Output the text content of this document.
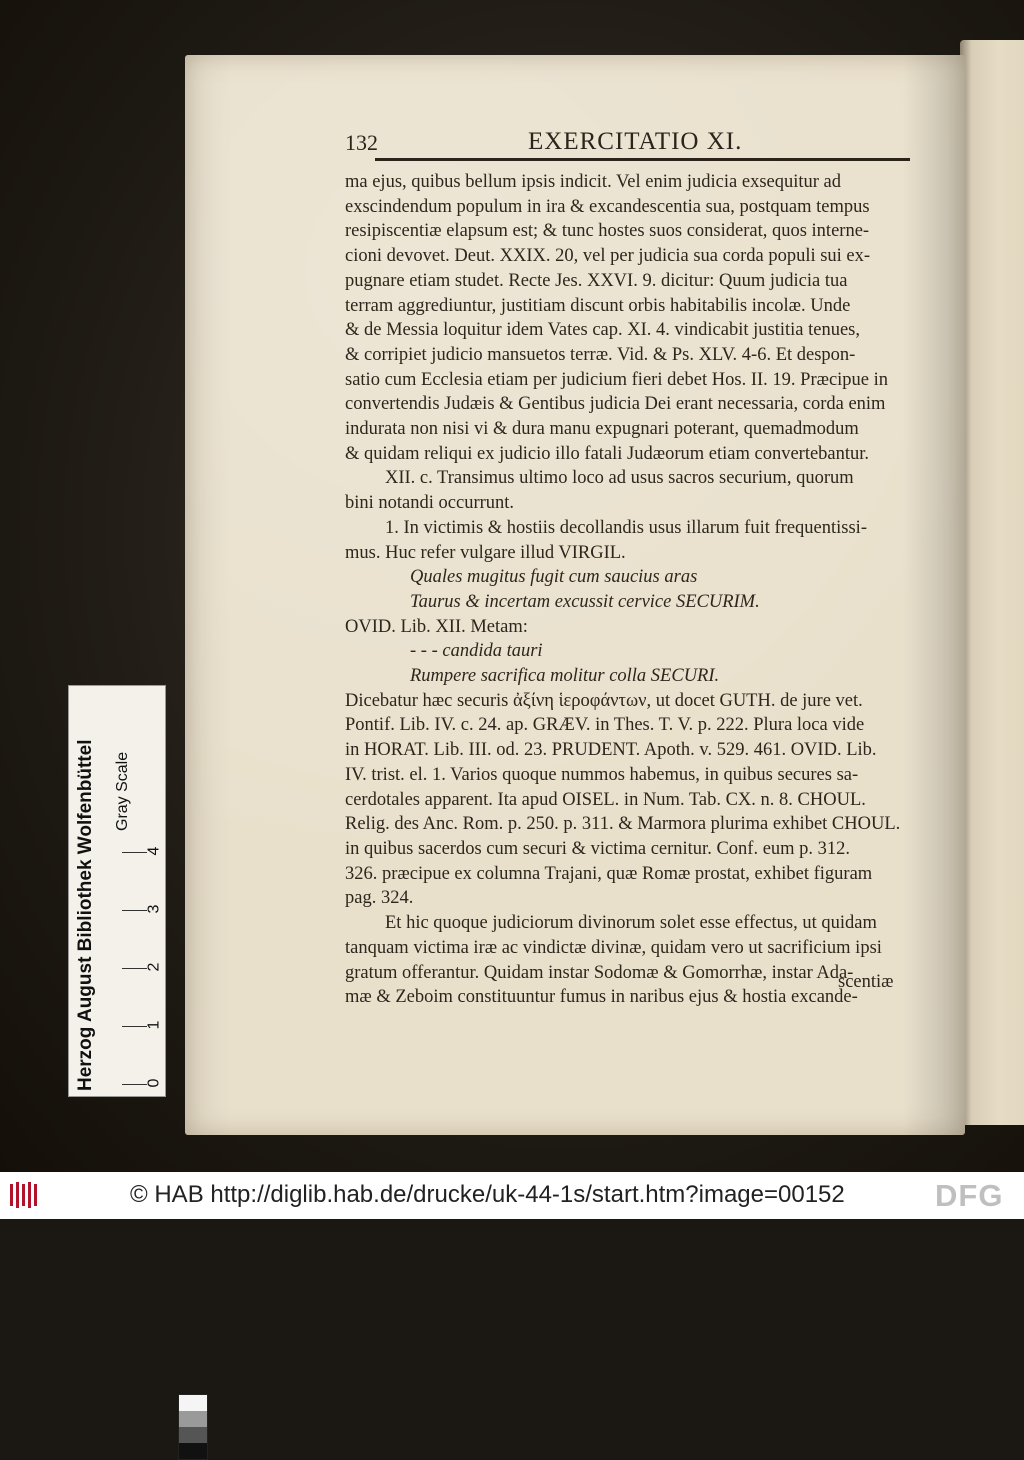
132	EXERCITATIO XI.
ma ejus, quibus bellum ipsis indicit. Vel enim judicia exsequitur ad
exscindendum populum in ira & excandescentia sua, postquam tempus
resipiscentiæ elapsum est; & tunc hostes suos considerat, quos interne-
cioni devovet. Deut. XXIX. 20, vel per judicia sua corda populi sui ex-
pugnare etiam studet. Recte Jes. XXVI. 9. dicitur: Quum judicia tua
terram aggrediuntur, justitiam discunt orbis habitabilis incolæ. Unde
& de Messia loquitur idem Vates cap. XI. 4. vindicabit justitia tenues,
& corripiet judicio mansuetos terræ. Vid. & Ps. XLV. 4-6. Et despon-
satio cum Ecclesia etiam per judicium fieri debet Hos. II. 19. Præcipue in
convertendis Judæis & Gentibus judicia Dei erant necessaria, corda enim
indurata non nisi vi & dura manu expugnari poterant, quemadmodum
& quidam reliqui ex judicio illo fatali Judæorum etiam convertebantur.
XII. c. Transimus ultimo loco ad usus sacros securium, quorum
bini notandi occurrunt.
1. In victimis & hostiis decollandis usus illarum fuit frequentissi-
mus. Huc refer vulgare illud VIRGIL.
Quales mugitus fugit cum saucius aras
Taurus & incertam excussit cervice SECURIM.
OVID. Lib. XII. Metam:
- - - candida tauri
Rumpere sacrifica molitur colla SECURI.
Dicebatur hæc securis ἀξίνη ἱεροφάντων, ut docet GUTH. de jure vet.
Pontif. Lib. IV. c. 24. ap. GRÆV. in Thes. T. V. p. 222. Plura loca vide
in HORAT. Lib. III. od. 23. PRUDENT. Apoth. v. 529. 461. OVID. Lib.
IV. trist. el. 1. Varios quoque nummos habemus, in quibus secures sa-
cerdotales apparent. Ita apud OISEL. in Num. Tab. CX. n. 8. CHOUL.
Relig. des Anc. Rom. p. 250. p. 311. & Marmora plurima exhibet CHOUL.
in quibus sacerdos cum securi & victima cernitur. Conf. eum p. 312.
326. præcipue ex columna Trajani, quæ Romæ prostat, exhibet figuram
pag. 324.
Et hic quoque judiciorum divinorum solet esse effectus, ut quidam
tanquam victima iræ ac vindictæ divinæ, quidam vero ut sacrificium ipsi
gratum offerantur. Quidam instar Sodomæ & Gomorrhæ, instar Ada-
mæ & Zeboim constituuntur fumus in naribus ejus & hostia excande-
scentiæ
Herzog August Bibliothek Wolfenbüttel Gray Scale
0
1
2
3
4
© HAB http://diglib.hab.de/drucke/uk-44-1s/start.htm?image=00152	DFG
